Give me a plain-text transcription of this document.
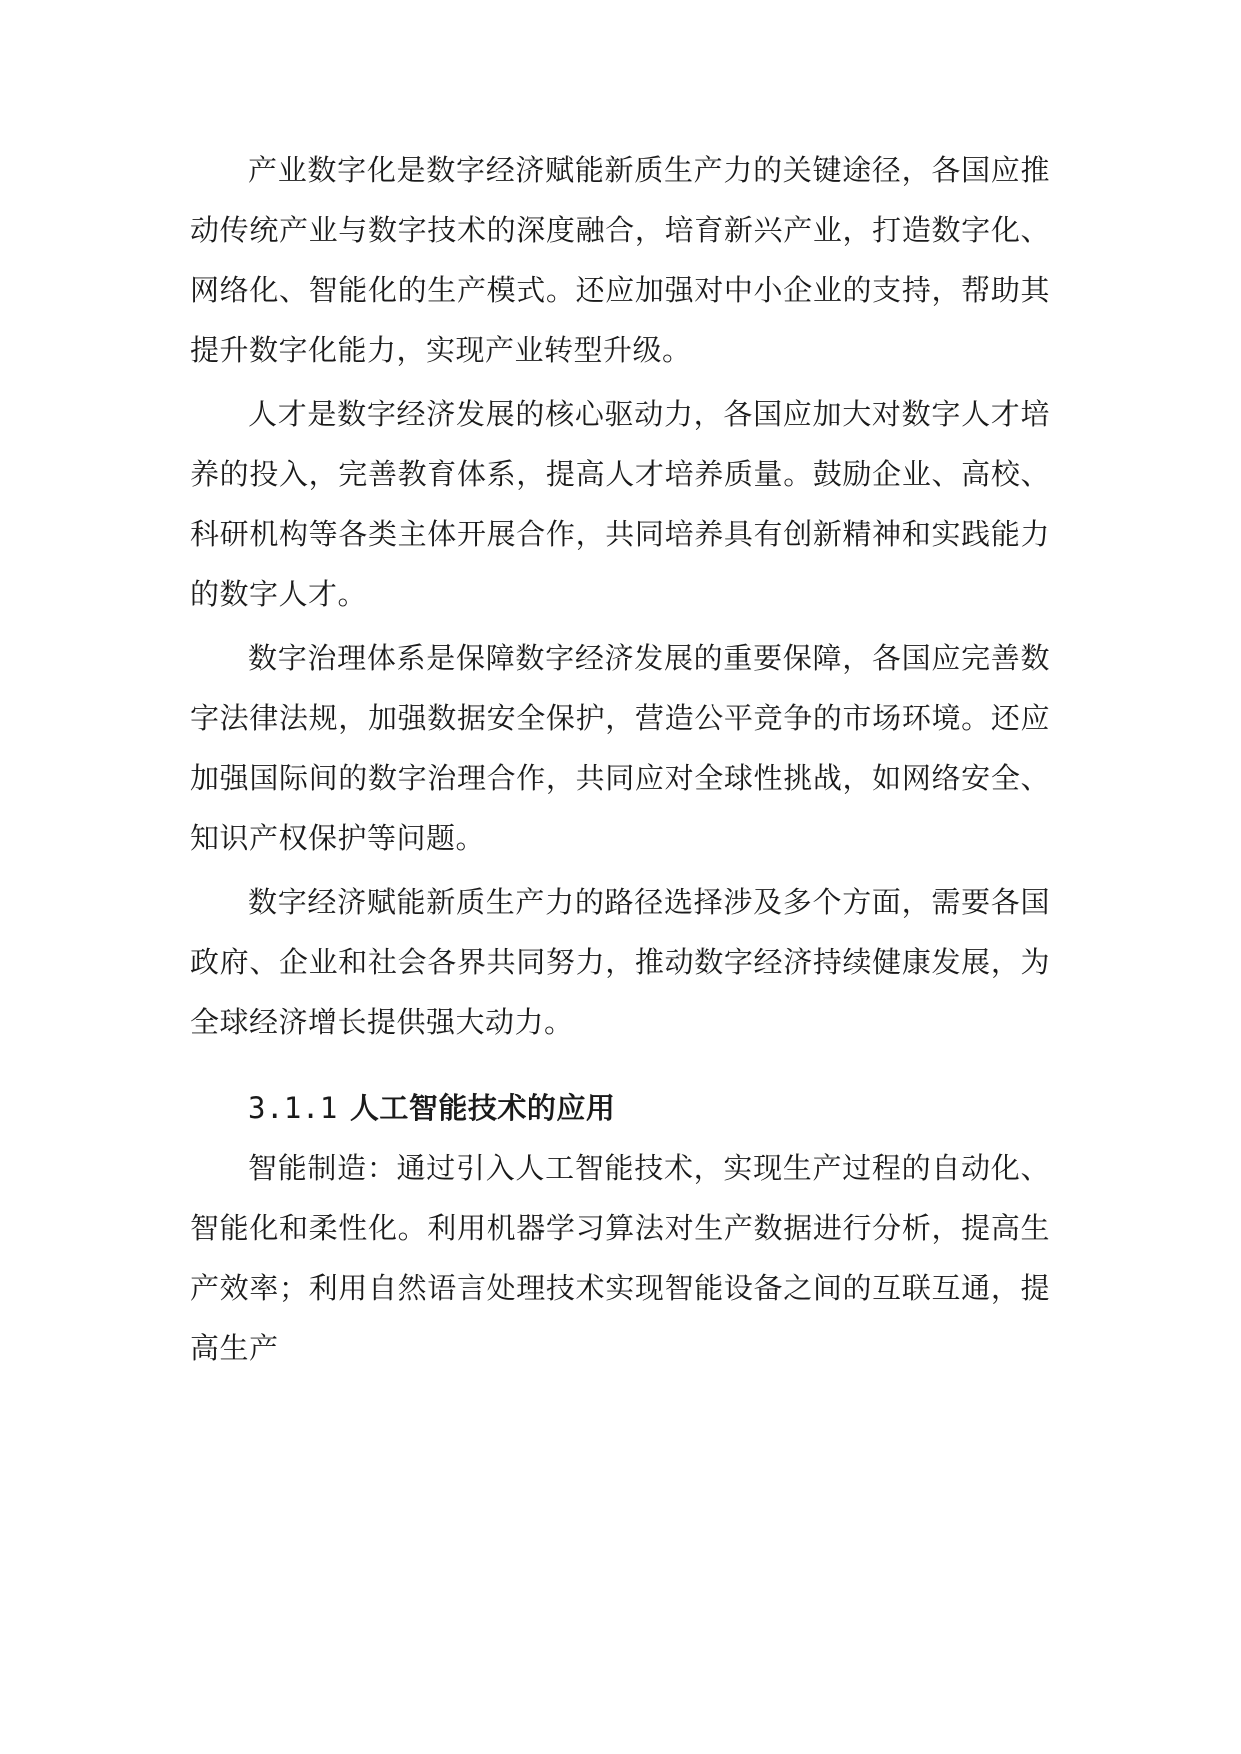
产业数字化是数字经济赋能新质生产力的关键途径，各国应推动传统产业与数字技术的深度融合，培育新兴产业，打造数字化、网络化、智能化的生产模式。还应加强对中小企业的支持，帮助其提升数字化能力，实现产业转型升级。

人才是数字经济发展的核心驱动力，各国应加大对数字人才培养的投入，完善教育体系，提高人才培养质量。鼓励企业、高校、科研机构等各类主体开展合作，共同培养具有创新精神和实践能力的数字人才。

数字治理体系是保障数字经济发展的重要保障，各国应完善数字法律法规，加强数据安全保护，营造公平竞争的市场环境。还应加强国际间的数字治理合作，共同应对全球性挑战，如网络安全、知识产权保护等问题。

数字经济赋能新质生产力的路径选择涉及多个方面，需要各国政府、企业和社会各界共同努力，推动数字经济持续健康发展，为全球经济增长提供强大动力。

3.1.1 人工智能技术的应用

智能制造：通过引入人工智能技术，实现生产过程的自动化、智能化和柔性化。利用机器学习算法对生产数据进行分析，提高生产效率；利用自然语言处理技术实现智能设备之间的互联互通，提高生产
